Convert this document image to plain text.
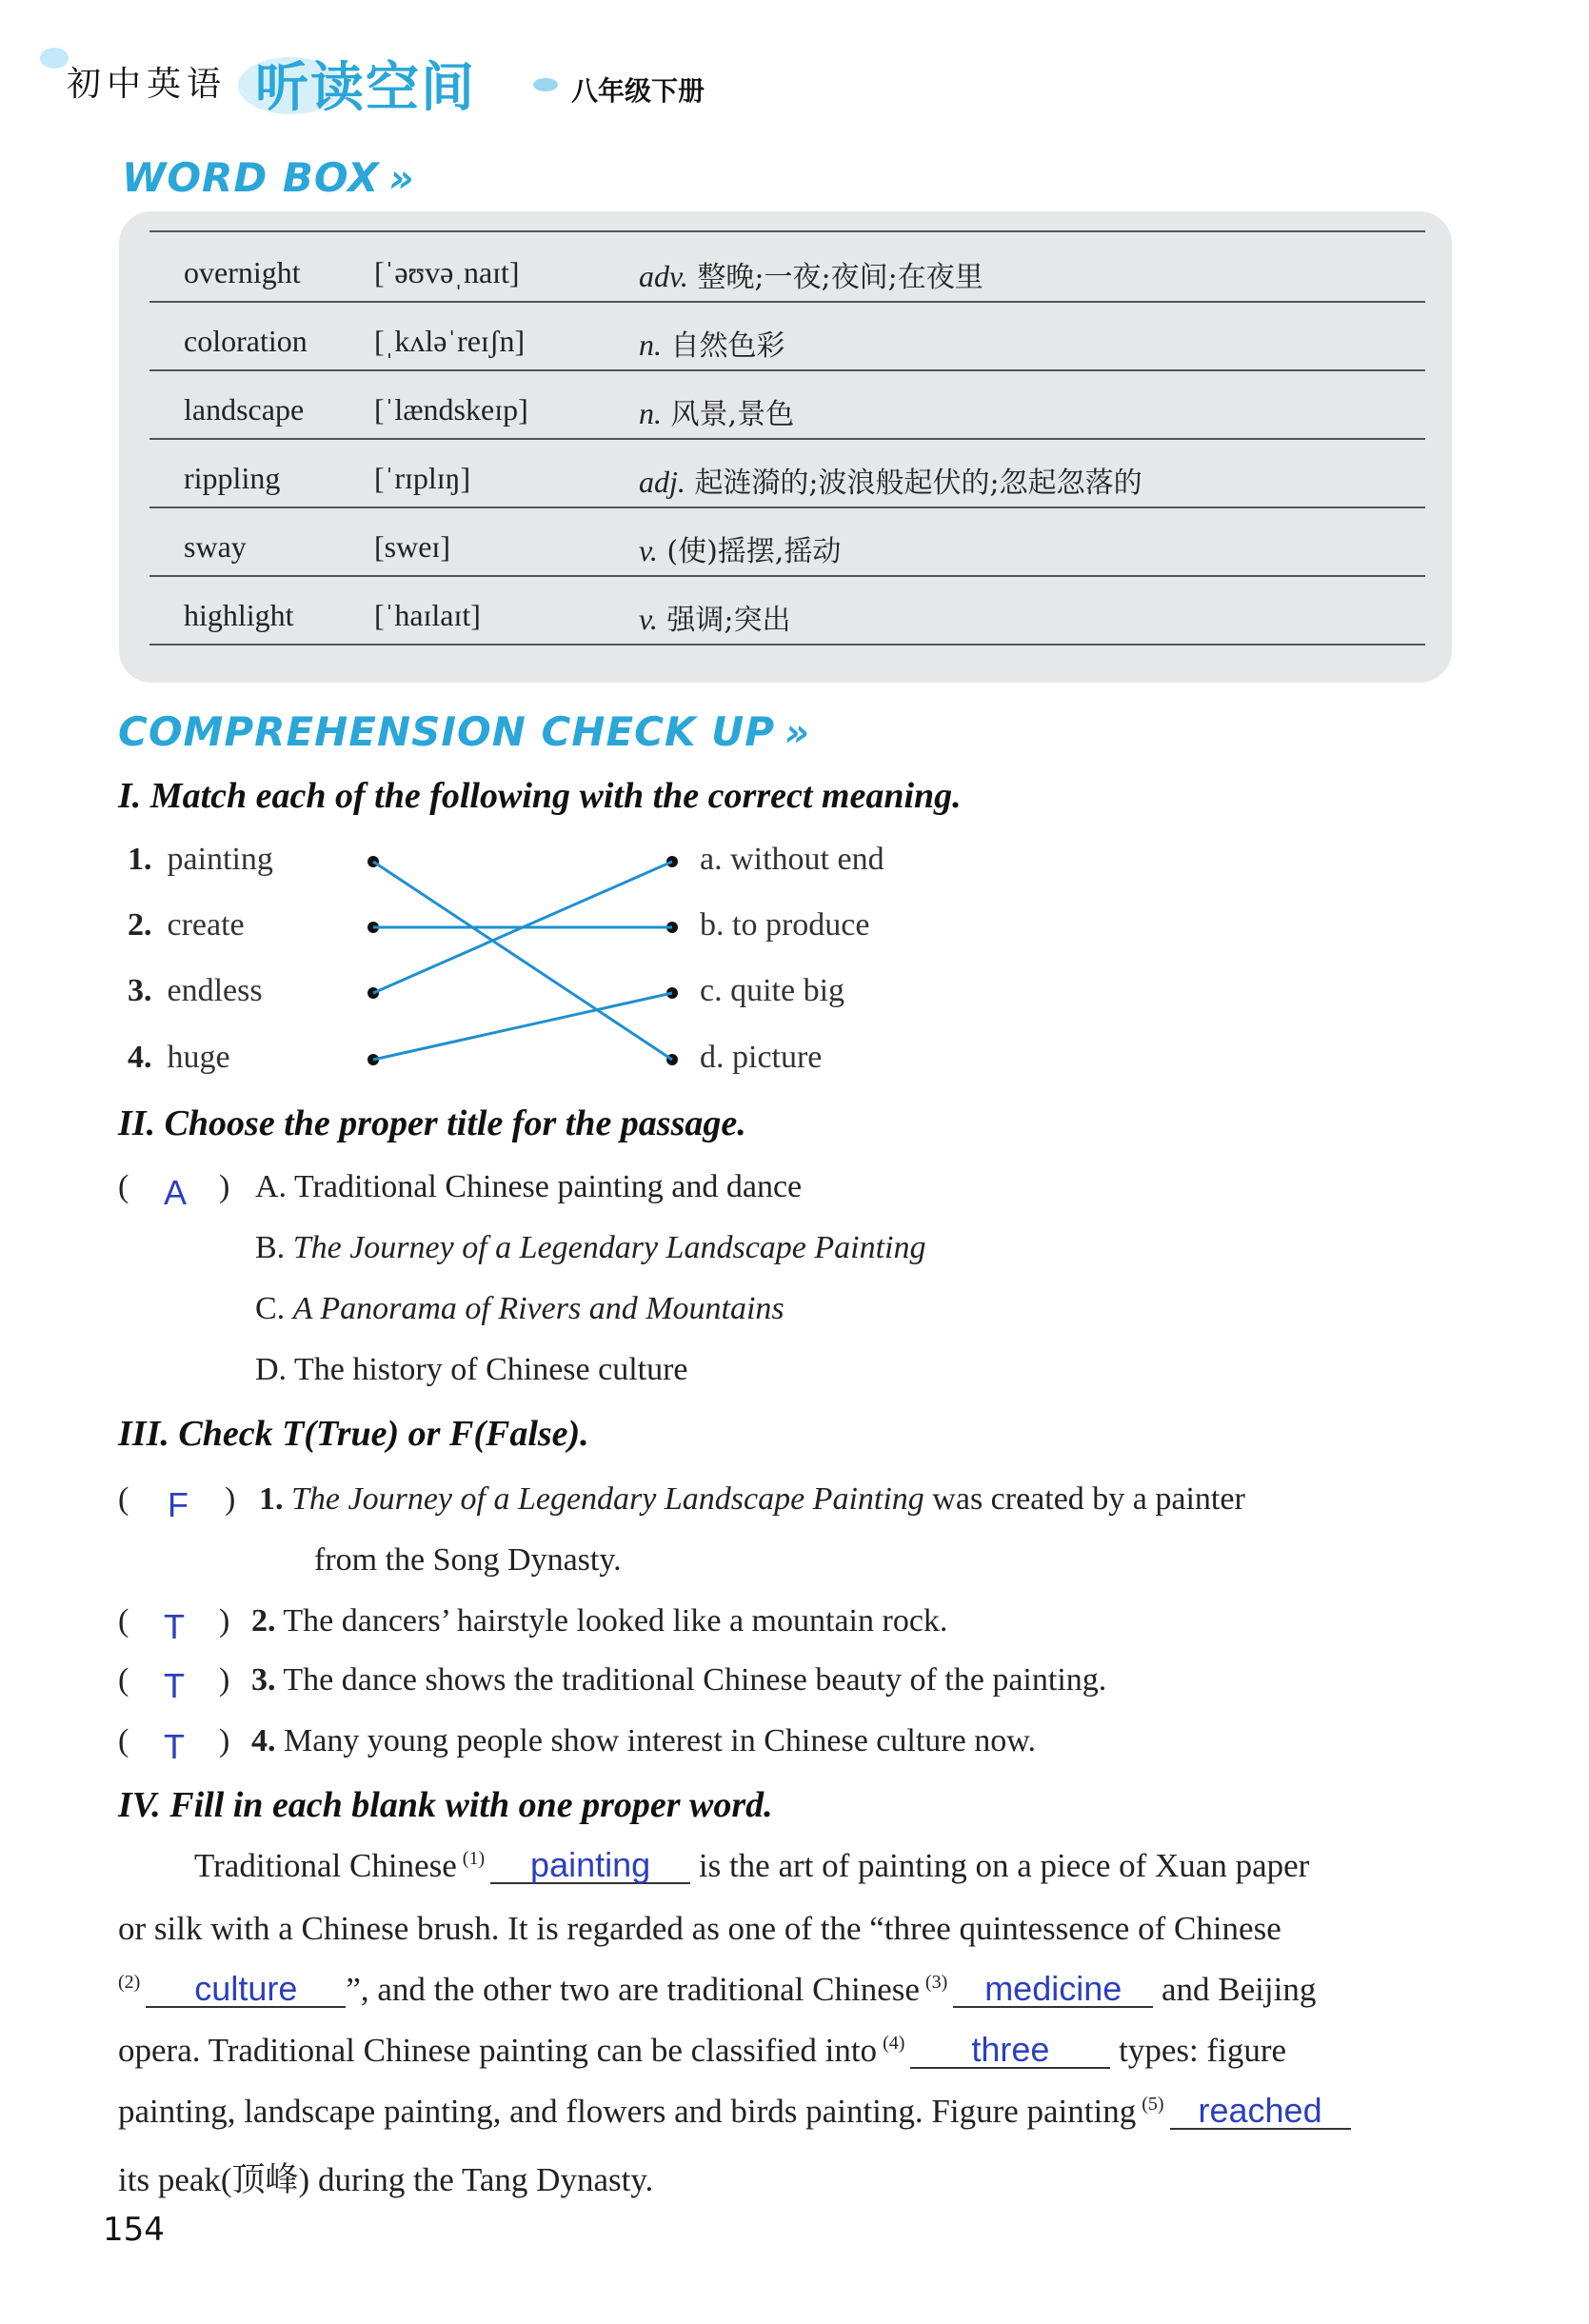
初中英语 听读空间	八年级下册
WORD BOX »
overnight [ˈəʊvəˌnaɪt]	adv. 整晚;一夜;夜间;在夜里
coloration [ˌkʌləˈreɪʃn]	n. 自然色彩
landscape [ˈlændskeɪp]	n. 风景,景色
rippling	[ˈrɪplɪŋ]	adj. 起涟漪的;波浪般起伏的;忽起忽落的
sway	[sweɪ]	v. (使)摇摆,摇动
highlight	[ˈhaɪlaɪt]	v. 强调;突出
COMPREHENSION CHECK UP »
I. Match each of the following with the correct meaning.
1. painting
2. create
3. endless
4. huge
a. without end
b. to produce
c. quite big
d. picture
II. Choose the proper title for the passage.
( A ) A. Traditional Chinese painting and dance
B. The Journey of a Legendary Landscape Painting
C. A Panorama of Rivers and Mountains
D. The history of Chinese culture
III. Check T(True) or F(False).
( F ) 1. The Journey of a Legendary Landscape Painting was created by a painter
from the Song Dynasty.
( T ) 2. The dancers’ hairstyle looked like a mountain rock.
( T ) 3. The dance shows the traditional Chinese beauty of the painting.
( T ) 4. Many young people show interest in Chinese culture now.
IV. Fill in each blank with one proper word.
Traditional Chinese $^{(1)}$ painting is the art of painting on a piece of Xuan paper
or silk with a Chinese brush. It is regarded as one of the “three quintessence of Chinese
$^{(2)}$ culture ”, and the other two are traditional Chinese $^{(3)}$ medicine and Beijing
opera. Traditional Chinese painting can be classified into $^{(4)}$ three types: figure
painting, landscape painting, and flowers and birds painting. Figure painting $^{(5)}$ reached
its peak(顶峰) during the Tang Dynasty.
154
